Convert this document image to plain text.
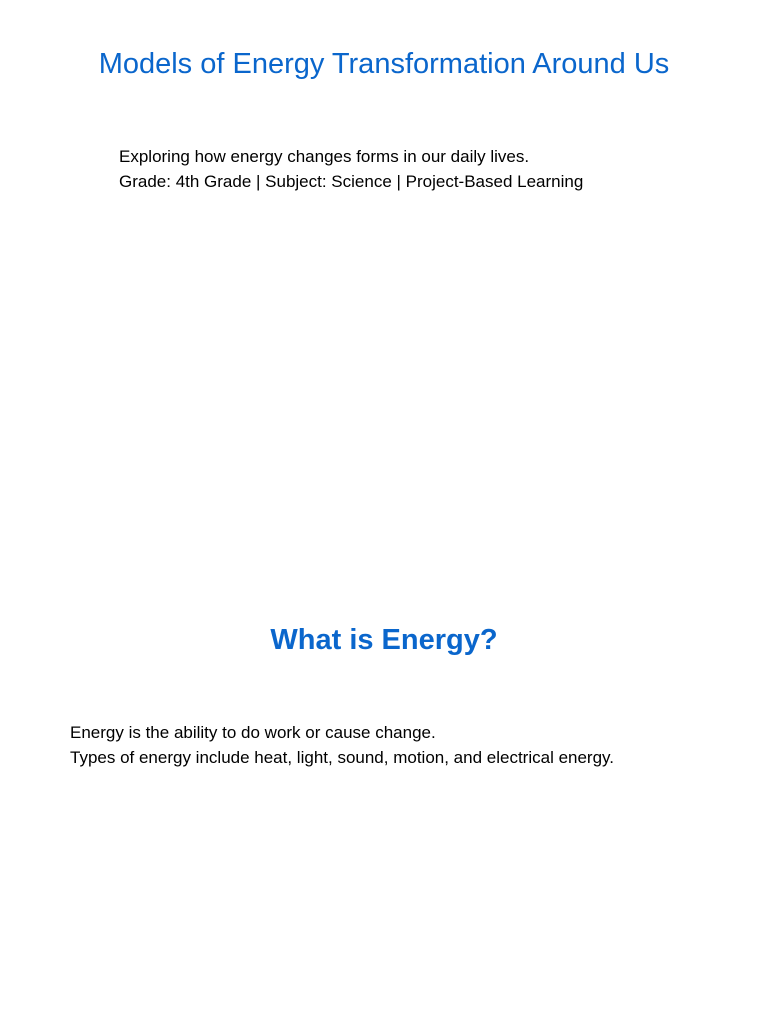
Models of Energy Transformation Around Us

Exploring how energy changes forms in our daily lives.

Grade: 4th Grade | Subject: Science | Project-Based Learning

What is Energy?

Energy is the ability to do work or cause change.

Types of energy include heat, light, sound, motion, and electrical energy.
